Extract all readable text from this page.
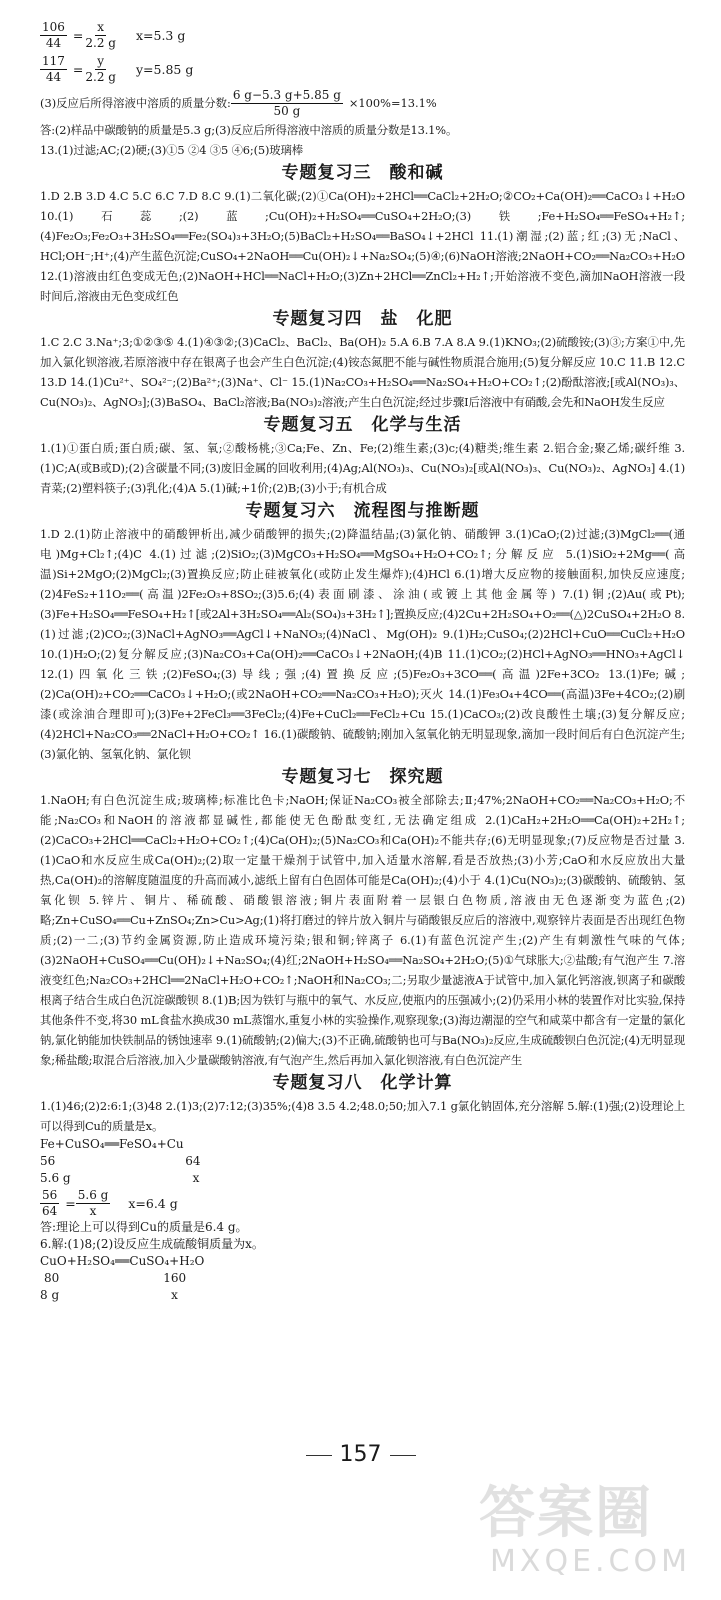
$\frac{106}{44} = \frac{x}{2.2 g} x=5.3$ g
$\frac{117}{44} = \frac{y}{2.2 g} y=5.85$ g
(3)反应后所得溶液中溶质的质量分数: $\frac{6 g-5.3 g+5.85 g}{50 g} \times 100\%=13.1\%$

答:(2)样品中碳酸钠的质量是5.3 g;(3)反应后所得溶液中溶质的质量分数是13.1%。

13.(1)过滤;AC;(2)硬;(3)①5 ②4 ③5 ④6;(5)玻璃棒

专题复习三　酸和碱

1.D 2.B 3.D 4.C 5.C 6.C 7.D 8.C 9.(1)二氧化碳;(2)①Ca(OH)₂+2HCl══CaCl₂+2H₂O;②CO₂+Ca(OH)₂══CaCO₃↓+H₂O 10.(1)石蕊;(2)蓝;Cu(OH)₂+H₂SO₄══CuSO₄+2H₂O;(3)铁;Fe+H₂SO₄══FeSO₄+H₂↑;(4)Fe₂O₃;Fe₂O₃+3H₂SO₄══Fe₂(SO₄)₃+3H₂O;(5)BaCl₂+H₂SO₄══BaSO₄↓+2HCl 11.(1)潮湿;(2)蓝;红;(3)无;NaCl、HCl;OH⁻;H⁺;(4)产生蓝色沉淀;CuSO₄+2NaOH══Cu(OH)₂↓+Na₂SO₄;(5)④;(6)NaOH溶液;2NaOH+CO₂══Na₂CO₃+H₂O 12.(1)溶液由红色变成无色;(2)NaOH+HCl══NaCl+H₂O;(3)Zn+2HCl══ZnCl₂+H₂↑;开始溶液不变色,滴加NaOH溶液一段时间后,溶液由无色变成红色

专题复习四　盐　化肥

1.C 2.C 3.Na⁺;3;①②③⑤ 4.(1)④③②;(3)CaCl₂、BaCl₂、Ba(OH)₂ 5.A 6.B 7.A 8.A 9.(1)KNO₃;(2)硫酸铵;(3)③;方案①中,先加入氯化钡溶液,若原溶液中存在银离子也会产生白色沉淀;(4)铵态氮肥不能与碱性物质混合施用;(5)复分解反应 10.C 11.B 12.C 13.D 14.(1)Cu²⁺、SO₄²⁻;(2)Ba²⁺;(3)Na⁺、Cl⁻ 15.(1)Na₂CO₃+H₂SO₄══Na₂SO₄+H₂O+CO₂↑;(2)酚酞溶液;[或Al(NO₃)₃、Cu(NO₃)₂、AgNO₃];(3)BaSO₄、BaCl₂溶液;Ba(NO₃)₂溶液;产生白色沉淀;经过步骤Ⅰ后溶液中有硝酸,会先和NaOH发生反应

专题复习五　化学与生活

1.(1)①蛋白质;蛋白质;碳、氢、氧;②酸杨桃;③Ca;Fe、Zn、Fe;(2)维生素;(3)c;(4)糖类;维生素 2.铝合金;聚乙烯;碳纤维 3.(1)C;A(或B或D);(2)含碳量不同;(3)废旧金属的回收利用;(4)Ag;Al(NO₃)₃、Cu(NO₃)₂[或Al(NO₃)₃、Cu(NO₃)₂、AgNO₃] 4.(1)青菜;(2)塑料筷子;(3)乳化;(4)A 5.(1)碱;+1价;(2)B;(3)小于;有机合成

专题复习六　流程图与推断题

1.D 2.(1)防止溶液中的硝酸钾析出,减少硝酸钾的损失;(2)降温结晶;(3)氯化钠、硝酸钾 3.(1)CaO;(2)过滤;(3)MgCl₂══(通电)Mg+Cl₂↑;(4)C 4.(1)过滤;(2)SiO₂;(3)MgCO₃+H₂SO₄══MgSO₄+H₂O+CO₂↑;分解反应 5.(1)SiO₂+2Mg══(高温)Si+2MgO;(2)MgCl₂;(3)置换反应;防止硅被氧化(或防止发生爆炸);(4)HCl 6.(1)增大反应物的接触面积,加快反应速度;(2)4FeS₂+11O₂══(高温)2Fe₂O₃+8SO₂;(3)5.6;(4)表面刷漆、涂油(或镀上其他金属等) 7.(1)铜;(2)Au(或Pt);(3)Fe+H₂SO₄══FeSO₄+H₂↑[或2Al+3H₂SO₄══Al₂(SO₄)₃+3H₂↑];置换反应;(4)2Cu+2H₂SO₄+O₂══(△)2CuSO₄+2H₂O 8.(1)过滤;(2)CO₂;(3)NaCl+AgNO₃══AgCl↓+NaNO₃;(4)NaCl、Mg(OH)₂ 9.(1)H₂;CuSO₄;(2)2HCl+CuO══CuCl₂+H₂O 10.(1)H₂O;(2)复分解反应;(3)Na₂CO₃+Ca(OH)₂══CaCO₃↓+2NaOH;(4)B 11.(1)CO₂;(2)HCl+AgNO₃══HNO₃+AgCl↓ 12.(1)四氧化三铁;(2)FeSO₄;(3)导线;强;(4)置换反应;(5)Fe₂O₃+3CO══(高温)2Fe+3CO₂ 13.(1)Fe;碱;(2)Ca(OH)₂+CO₂══CaCO₃↓+H₂O;(或2NaOH+CO₂══Na₂CO₃+H₂O);灭火 14.(1)Fe₃O₄+4CO══(高温)3Fe+4CO₂;(2)刷漆(或涂油合理即可);(3)Fe+2FeCl₃══3FeCl₂;(4)Fe+CuCl₂══FeCl₂+Cu 15.(1)CaCO₃;(2)改良酸性土壤;(3)复分解反应;(4)2HCl+Na₂CO₃══2NaCl+H₂O+CO₂↑ 16.(1)碳酸钠、硫酸钠;刚加入氢氧化钠无明显现象,滴加一段时间后有白色沉淀产生;(3)氯化钠、氢氧化钠、氯化钡

专题复习七　探究题

1.NaOH;有白色沉淀生成;玻璃棒;标准比色卡;NaOH;保证Na₂CO₃被全部除去;Ⅱ;47%;2NaOH+CO₂══Na₂CO₃+H₂O;不能;Na₂CO₃和NaOH的溶液都显碱性,都能使无色酚酞变红,无法确定组成 2.(1)CaH₂+2H₂O══Ca(OH)₂+2H₂↑;(2)CaCO₃+2HCl══CaCl₂+H₂O+CO₂↑;(4)Ca(OH)₂;(5)Na₂CO₃和Ca(OH)₂不能共存;(6)无明显现象;(7)反应物是否过量 3.(1)CaO和水反应生成Ca(OH)₂;(2)取一定量干燥剂于试管中,加入适量水溶解,看是否放热;(3)小芳;CaO和水反应放出大量热,Ca(OH)₂的溶解度随温度的升高而减小,滤纸上留有白色固体可能是Ca(OH)₂;(4)小于 4.(1)Cu(NO₃)₂;(3)碳酸钠、硫酸钠、氢氧化钡 5.锌片、铜片、稀硫酸、硝酸银溶液;铜片表面附着一层银白色物质,溶液由无色逐渐变为蓝色;(2)略;Zn+CuSO₄══Cu+ZnSO₄;Zn>Cu>Ag;(1)将打磨过的锌片放入铜片与硝酸银反应后的溶液中,观察锌片表面是否出现红色物质;(2)一二;(3)节约金属资源,防止造成环境污染;银和铜;锌离子 6.(1)有蓝色沉淀产生;(2)产生有刺激性气味的气体;(3)2NaOH+CuSO₄══Cu(OH)₂↓+Na₂SO₄;(4)红;2NaOH+H₂SO₄══Na₂SO₄+2H₂O;(5)①气球胀大;②盐酸;有气泡产生 7.溶液变红色;Na₂CO₃+2HCl══2NaCl+H₂O+CO₂↑;NaOH和Na₂CO₃;二;另取少量滤液A于试管中,加入氯化钙溶液,钡离子和碳酸根离子结合生成白色沉淀碳酸钡 8.(1)B;因为铁钉与瓶中的氧气、水反应,使瓶内的压强减小;(2)仍采用小林的装置作对比实验,保持其他条件不变,将30 mL食盐水换成30 mL蒸馏水,重复小林的实验操作,观察现象;(3)海边潮湿的空气和咸菜中都含有一定量的氯化钠,氯化钠能加快铁制品的锈蚀速率 9.(1)硫酸钠;(2)偏大;(3)不正确,硫酸钠也可与Ba(NO₃)₂反应,生成硫酸钡白色沉淀;(4)无明显现象;稀盐酸;取混合后溶液,加入少量碳酸钠溶液,有气泡产生,然后再加入氯化钡溶液,有白色沉淀产生

专题复习八　化学计算

1.(1)46;(2)2:6:1;(3)48 2.(1)3;(2)7:12;(3)35%;(4)8 3.5 4.2;48.0;50;加入7.1 g氯化钠固体,充分溶解 5.解:(1)强;(2)设理论上可以得到Cu的质量是x。

Fe+CuSO₄══FeSO₄+Cu

56	64

5.6 g	x

$\frac{56}{64} = \frac{5.6 g}{x} x=6.4$ g

答:理论上可以得到Cu的质量是6.4 g。

6.解:(1)8;(2)设反应生成硫酸铜质量为x。

CuO+H₂SO₄══CuSO₄+H₂O

80	160

8 g	x

157
答案圈
MXQE.COM
